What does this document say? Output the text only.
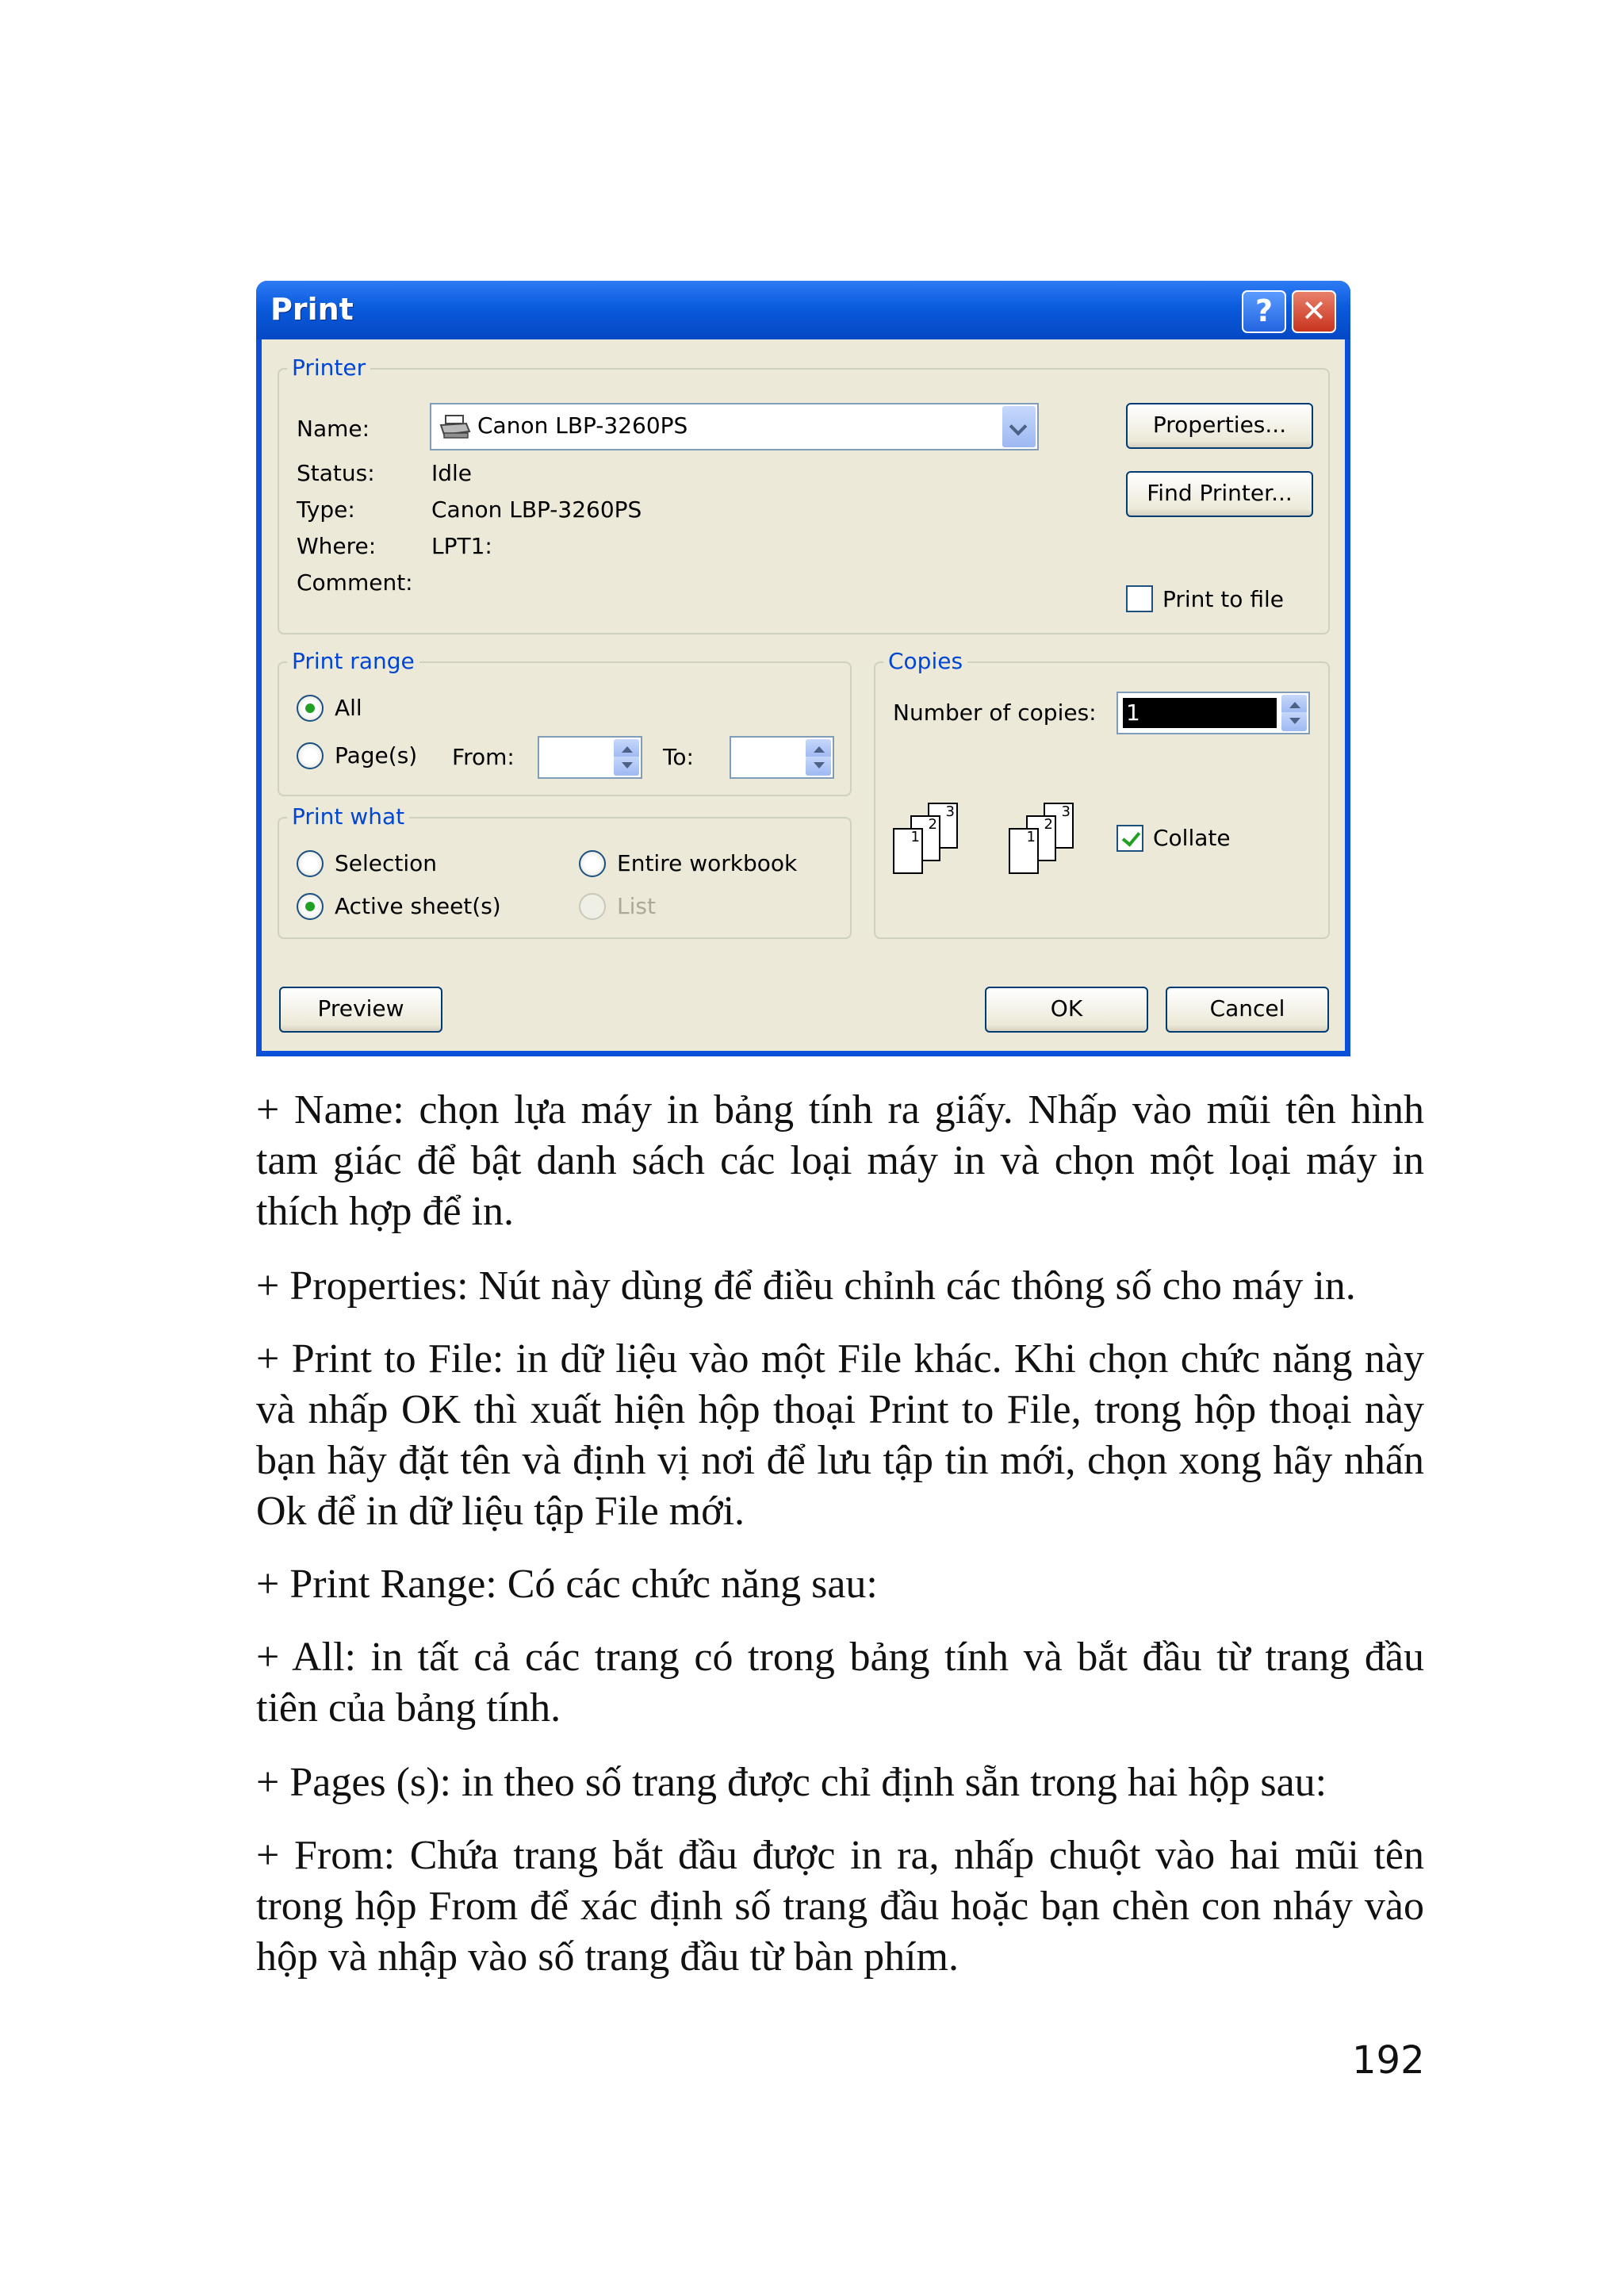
Print	? ✕
Printer
Name:	Canon LBP-3260PS
Status:	Idle
Type:	Canon LBP-3260PS
Where: LPT1:
Comment:
Properties...
Find Printer...
Print to file
Print range
All
Page(s) From:	To:
Print what
Selection	Entire workbook
Active sheet(s)	List
Copies
Number of copies: 1
3
2
1
3
2
1	Collate
Preview	OK	Cancel

+ Name: chọn lựa máy in bảng tính ra giấy. Nhấp vào mũi tên hình tam giác để bật danh sách các loại máy in và chọn một loại máy in thích hợp để in.

+ Properties: Nút này dùng để điều chỉnh các thông số cho máy in.

+ Print to File: in dữ liệu vào một File khác. Khi chọn chức năng này và nhấp OK thì xuất hiện hộp thoại Print to File, trong hộp thoại này bạn hãy đặt tên và định vị nơi để lưu tập tin mới, chọn xong hãy nhấn Ok để in dữ liệu tập File mới.

+ Print Range: Có các chức năng sau:

+ All: in tất cả các trang có trong bảng tính và bắt đầu từ trang đầu tiên của bảng tính.

+ Pages (s): in theo số trang được chỉ định sẵn trong hai hộp sau:

+ From: Chứa trang bắt đầu được in ra, nhấp chuột vào hai mũi tên trong hộp From để xác định số trang đầu hoặc bạn chèn con nháy vào hộp và nhập vào số trang đầu từ bàn phím.

192
